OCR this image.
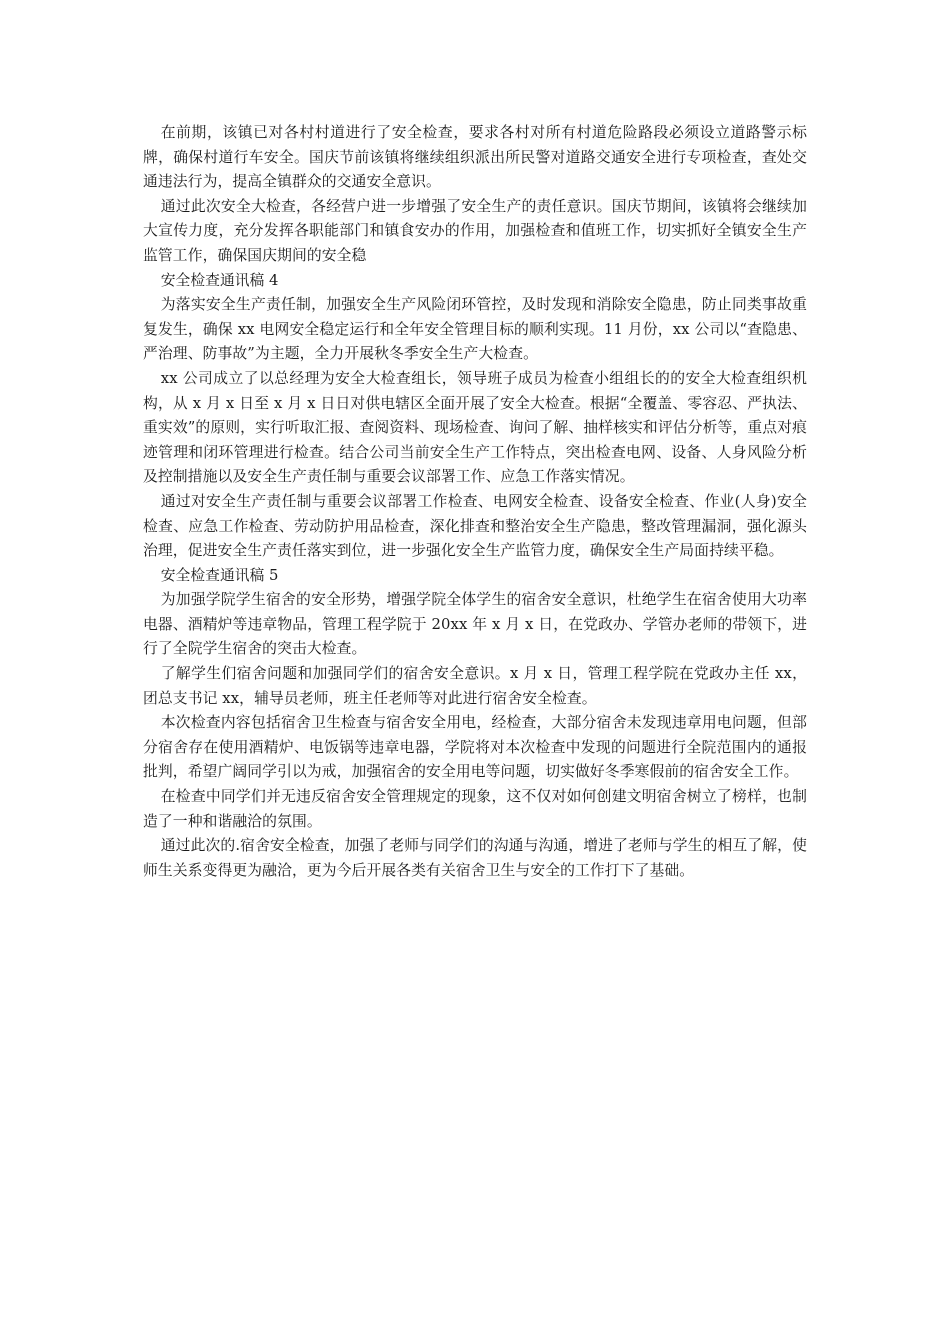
在前期，该镇已对各村村道进行了安全检查，要求各村对所有村道危险路段必须设立道路警示标牌，确保村道行车安全。国庆节前该镇将继续组织派出所民警对道路交通安全进行专项检查，查处交通违法行为，提高全镇群众的交通安全意识。

通过此次安全大检查，各经营户进一步增强了安全生产的责任意识。国庆节期间，该镇将会继续加大宣传力度，充分发挥各职能部门和镇食安办的作用，加强检查和值班工作，切实抓好全镇安全生产监管工作，确保国庆期间的安全稳

安全检查通讯稿 4

为落实安全生产责任制，加强安全生产风险闭环管控，及时发现和消除安全隐患，防止同类事故重复发生，确保 xx 电网安全稳定运行和全年安全管理目标的顺利实现。11 月份，xx 公司以“查隐患、严治理、防事故”为主题，全力开展秋冬季安全生产大检查。

xx 公司成立了以总经理为安全大检查组长，领导班子成员为检查小组组长的的安全大检查组织机构，从 x 月 x 日至 x 月 x 日日对供电辖区全面开展了安全大检查。根据“全覆盖、零容忍、严执法、重实效”的原则，实行听取汇报、查阅资料、现场检查、询问了解、抽样核实和评估分析等，重点对痕迹管理和闭环管理进行检查。结合公司当前安全生产工作特点，突出检查电网、设备、人身风险分析及控制措施以及安全生产责任制与重要会议部署工作、应急工作落实情况。

通过对安全生产责任制与重要会议部署工作检查、电网安全检查、设备安全检查、作业(人身)安全检查、应急工作检查、劳动防护用品检查，深化排查和整治安全生产隐患，整改管理漏洞，强化源头治理，促进安全生产责任落实到位，进一步强化安全生产监管力度，确保安全生产局面持续平稳。

安全检查通讯稿 5

为加强学院学生宿舍的安全形势，增强学院全体学生的宿舍安全意识，杜绝学生在宿舍使用大功率电器、酒精炉等违章物品，管理工程学院于 20xx 年 x 月 x 日，在党政办、学管办老师的带领下，进行了全院学生宿舍的突击大检查。

了解学生们宿舍问题和加强同学们的宿舍安全意识。x 月 x 日，管理工程学院在党政办主任 xx，团总支书记 xx，辅导员老师，班主任老师等对此进行宿舍安全检查。

本次检查内容包括宿舍卫生检查与宿舍安全用电，经检查，大部分宿舍未发现违章用电问题，但部分宿舍存在使用酒精炉、电饭锅等违章电器，学院将对本次检查中发现的问题进行全院范围内的通报批判，希望广阔同学引以为戒，加强宿舍的安全用电等问题，切实做好冬季寒假前的宿舍安全工作。

在检查中同学们并无违反宿舍安全管理规定的现象，这不仅对如何创建文明宿舍树立了榜样，也制造了一种和谐融洽的氛围。

通过此次的.宿舍安全检查，加强了老师与同学们的沟通与沟通，增进了老师与学生的相互了解，使师生关系变得更为融洽，更为今后开展各类有关宿舍卫生与安全的工作打下了基础。
